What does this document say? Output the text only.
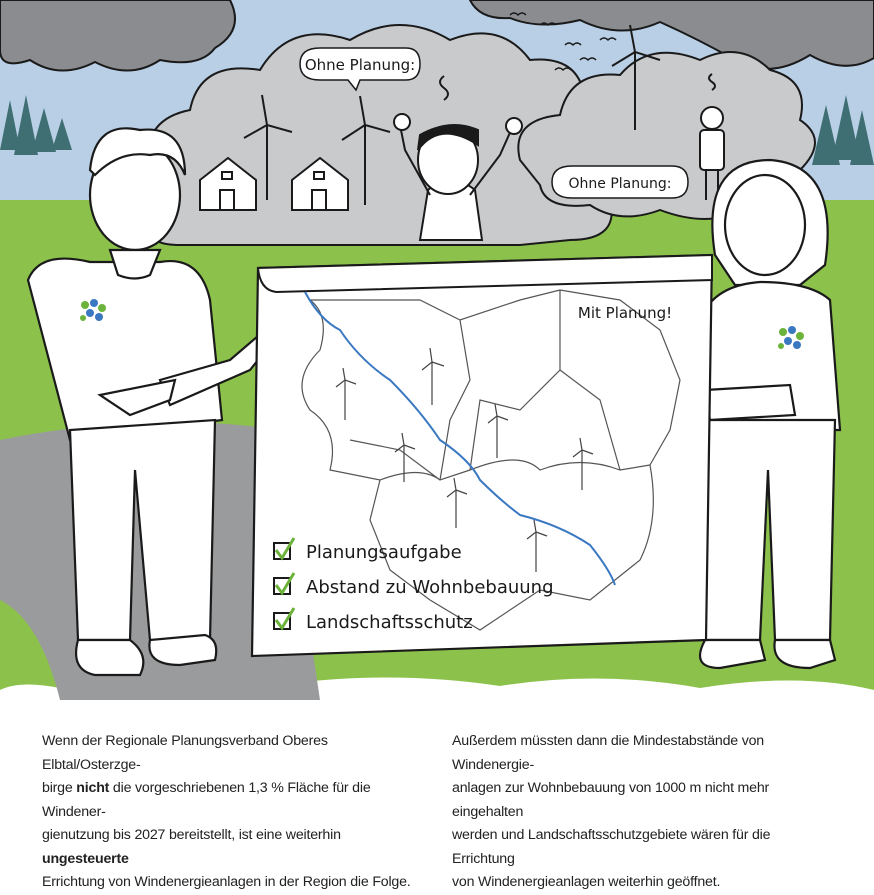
Ohne Planung:
Ohne Planung:
Mit Planung!
Planungsaufgabe
Abstand zu Wohnbebauung
Landschaftsschutz
Wenn der Regionale Planungsverband Oberes Elbtal/Osterzge-
birge nicht die vorgeschriebenen 1,3 % Fläche für die Windener-
gienutzung bis 2027 bereitstellt, ist eine weiterhin ungesteuerte
Errichtung von Windenergieanlagen in der Region die Folge.
Außerdem müssten dann die Mindestabstände von Windenergie-
anlagen zur Wohnbebauung von 1000 m nicht mehr eingehalten
werden und Landschaftsschutzgebiete wären für die Errichtung
von Windenergieanlagen weiterhin geöffnet.
